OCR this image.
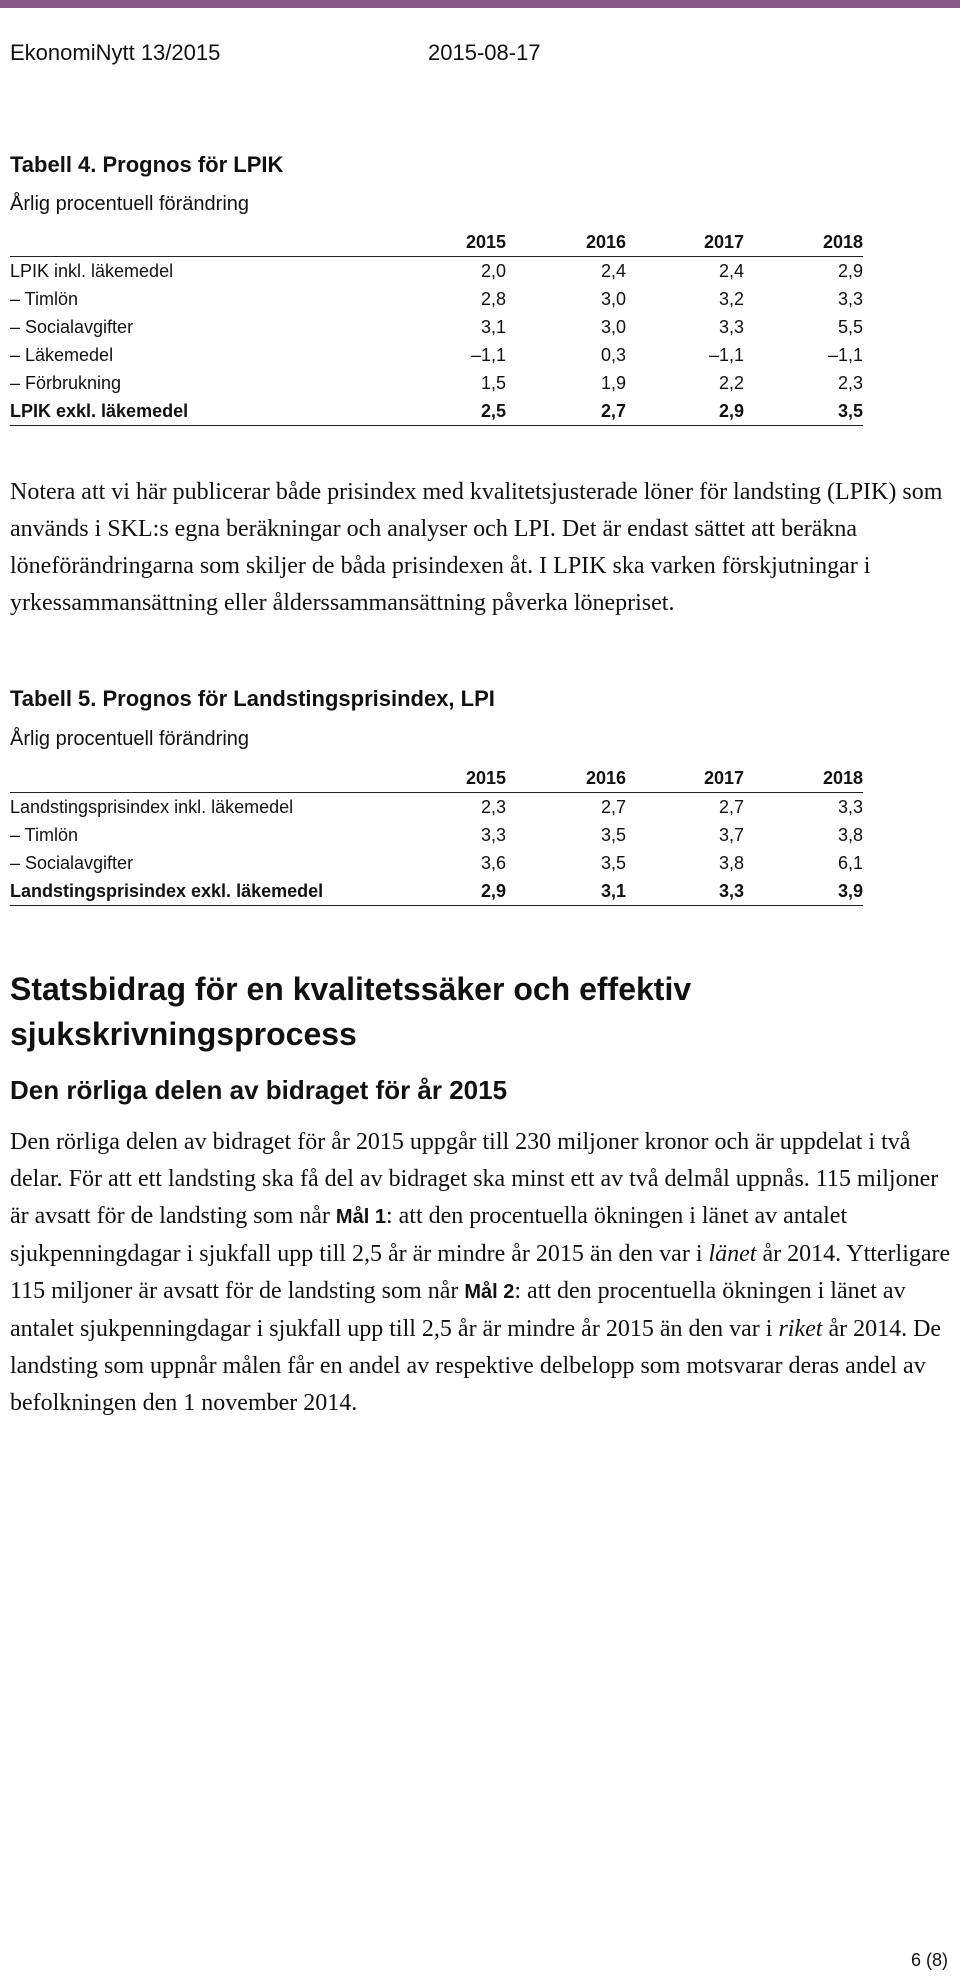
EkonomiNytt 13/2015	2015-08-17
Tabell 4. Prognos för LPIK
Årlig procentuell förändring
	2015	2016	2017	2018
LPIK inkl. läkemedel	2,0	2,4	2,4	2,9
– Timlön	2,8	3,0	3,2	3,3
– Socialavgifter	3,1	3,0	3,3	5,5
– Läkemedel	–1,1	0,3	–1,1	–1,1
– Förbrukning	1,5	1,9	2,2	2,3
LPIK exkl. läkemedel	2,5	2,7	2,9	3,5

Notera att vi här publicerar både prisindex med kvalitetsjusterade löner för landsting (LPIK) som används i SKL:s egna beräkningar och analyser och LPI. Det är endast sättet att beräkna löneförändringarna som skiljer de båda prisindexen åt. I LPIK ska varken förskjutningar i yrkessammansättning eller ålderssammansättning påverka lönepriset.

Tabell 5. Prognos för Landstingsprisindex, LPI
Årlig procentuell förändring
	2015	2016	2017	2018
Landstingsprisindex inkl. läkemedel	2,3	2,7	2,7	3,3
– Timlön	3,3	3,5	3,7	3,8
– Socialavgifter	3,6	3,5	3,8	6,1
Landstingsprisindex exkl. läkemedel	2,9	3,1	3,3	3,9
Statsbidrag för en kvalitetssäker och effektiv sjukskrivningsprocess
Den rörliga delen av bidraget för år 2015

Den rörliga delen av bidraget för år 2015 uppgår till 230 miljoner kronor och är uppdelat i två delar. För att ett landsting ska få del av bidraget ska minst ett av två delmål uppnås. 115 miljoner är avsatt för de landsting som når Mål 1: att den procentuella ökningen i länet av antalet sjukpenningdagar i sjukfall upp till 2,5 år är mindre år 2015 än den var i länet år 2014. Ytterligare 115 miljoner är avsatt för de landsting som når Mål 2: att den procentuella ökningen i länet av antalet sjukpenningdagar i sjukfall upp till 2,5 år är mindre år 2015 än den var i riket år 2014. De landsting som uppnår målen får en andel av respektive delbelopp som motsvarar deras andel av befolkningen den 1 november 2014.

6 (8)
